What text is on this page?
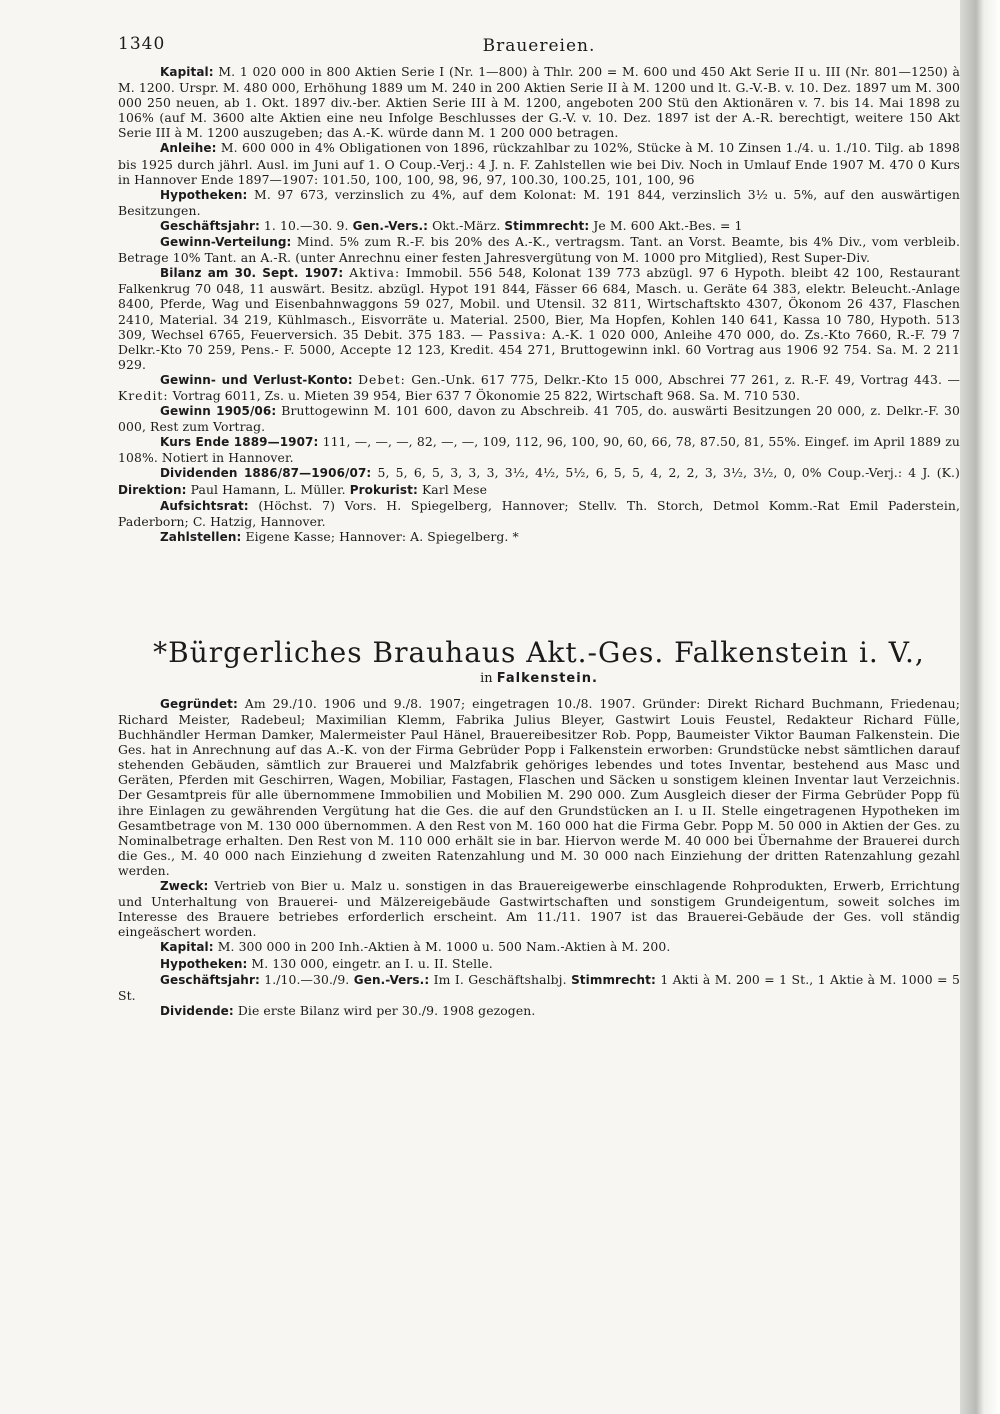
1340	Brauereien.

Kapital: M. 1 020 000 in 800 Aktien Serie I (Nr. 1—800) à Thlr. 200 = M. 600 und 450 Akt Serie II u. III (Nr. 801—1250) à M. 1200. Urspr. M. 480 000, Erhöhung 1889 um M. 240 in 200 Aktien Serie II à M. 1200 und lt. G.-V.-B. v. 10. Dez. 1897 um M. 300 000 250 neuen, ab 1. Okt. 1897 div.-ber. Aktien Serie III à M. 1200, angeboten 200 Stü den Aktionären v. 7. bis 14. Mai 1898 zu 106% (auf M. 3600 alte Aktien eine neu Infolge Beschlusses der G.-V. v. 10. Dez. 1897 ist der A.-R. berechtigt, weitere 150 Akt Serie III à M. 1200 auszugeben; das A.-K. würde dann M. 1 200 000 betragen.

Anleihe: M. 600 000 in 4% Obligationen von 1896, rückzahlbar zu 102%, Stücke à M. 10 Zinsen 1./4. u. 1./10. Tilg. ab 1898 bis 1925 durch jährl. Ausl. im Juni auf 1. O Coup.-Verj.: 4 J. n. F. Zahlstellen wie bei Div. Noch in Umlauf Ende 1907 M. 470 0 Kurs in Hannover Ende 1897—1907: 101.50, 100, 100, 98, 96, 97, 100.30, 100.25, 101, 100, 96

Hypotheken: M. 97 673, verzinslich zu 4%, auf dem Kolonat: M. 191 844, verzinslich 3½ u. 5%, auf den auswärtigen Besitzungen.

Geschäftsjahr: 1. 10.—30. 9. Gen.-Vers.: Okt.-März. Stimmrecht: Je M. 600 Akt.-Bes. = 1

Gewinn-Verteilung: Mind. 5% zum R.-F. bis 20% des A.-K., vertragsm. Tant. an Vorst. Beamte, bis 4% Div., vom verbleib. Betrage 10% Tant. an A.-R. (unter Anrechnu einer festen Jahresvergütung von M. 1000 pro Mitglied), Rest Super-Div.

Bilanz am 30. Sept. 1907: Aktiva: Immobil. 556 548, Kolonat 139 773 abzügl. 97 6 Hypoth. bleibt 42 100, Restaurant Falkenkrug 70 048, 11 auswärt. Besitz. abzügl. Hypot 191 844, Fässer 66 684, Masch. u. Geräte 64 383, elektr. Beleucht.-Anlage 8400, Pferde, Wag und Eisenbahnwaggons 59 027, Mobil. und Utensil. 32 811, Wirtschaftskto 4307, Ökonom 26 437, Flaschen 2410, Material. 34 219, Kühlmasch., Eisvorräte u. Material. 2500, Bier, Ma Hopfen, Kohlen 140 641, Kassa 10 780, Hypoth. 513 309, Wechsel 6765, Feuerversich. 35 Debit. 375 183. — Passiva: A.-K. 1 020 000, Anleihe 470 000, do. Zs.-Kto 7660, R.-F. 79 7 Delkr.-Kto 70 259, Pens.- F. 5000, Accepte 12 123, Kredit. 454 271, Bruttogewinn inkl. 60 Vortrag aus 1906 92 754. Sa. M. 2 211 929.

Gewinn- und Verlust-Konto: Debet: Gen.-Unk. 617 775, Delkr.-Kto 15 000, Abschrei 77 261, z. R.-F. 49, Vortrag 443. — Kredit: Vortrag 6011, Zs. u. Mieten 39 954, Bier 637 7 Ökonomie 25 822, Wirtschaft 968. Sa. M. 710 530.

Gewinn 1905/06: Bruttogewinn M. 101 600, davon zu Abschreib. 41 705, do. auswärti Besitzungen 20 000, z. Delkr.-F. 30 000, Rest zum Vortrag.

Kurs Ende 1889—1907: 111, —, —, —, 82, —, —, 109, 112, 96, 100, 90, 60, 66, 78, 87.50, 81, 55%. Eingef. im April 1889 zu 108%. Notiert in Hannover.

Dividenden 1886/87—1906/07: 5, 5, 6, 5, 3, 3, 3, 3½, 4½, 5½, 6, 5, 5, 4, 2, 2, 3, 3½, 3½, 0, 0% Coup.-Verj.: 4 J. (K.) Direktion: Paul Hamann, L. Müller. Prokurist: Karl Mese

Aufsichtsrat: (Höchst. 7) Vors. H. Spiegelberg, Hannover; Stellv. Th. Storch, Detmol Komm.-Rat Emil Paderstein, Paderborn; C. Hatzig, Hannover.

Zahlstellen: Eigene Kasse; Hannover: A. Spiegelberg. *

*Bürgerliches Brauhaus Akt.-Ges. Falkenstein i. V.,
in Falkenstein.

Gegründet: Am 29./10. 1906 und 9./8. 1907; eingetragen 10./8. 1907. Gründer: Direkt Richard Buchmann, Friedenau; Richard Meister, Radebeul; Maximilian Klemm, Fabrika Julius Bleyer, Gastwirt Louis Feustel, Redakteur Richard Fülle, Buchhändler Herman Damker, Malermeister Paul Hänel, Brauereibesitzer Rob. Popp, Baumeister Viktor Bauman Falkenstein. Die Ges. hat in Anrechnung auf das A.-K. von der Firma Gebrüder Popp i Falkenstein erworben: Grundstücke nebst sämtlichen darauf stehenden Gebäuden, sämtlich zur Brauerei und Malzfabrik gehöriges lebendes und totes Inventar, bestehend aus Masc und Geräten, Pferden mit Geschirren, Wagen, Mobiliar, Fastagen, Flaschen und Säcken u sonstigem kleinen Inventar laut Verzeichnis. Der Gesamtpreis für alle übernommene Immobilien und Mobilien M. 290 000. Zum Ausgleich dieser der Firma Gebrüder Popp fü ihre Einlagen zu gewährenden Vergütung hat die Ges. die auf den Grundstücken an I. u II. Stelle eingetragenen Hypotheken im Gesamtbetrage von M. 130 000 übernommen. A den Rest von M. 160 000 hat die Firma Gebr. Popp M. 50 000 in Aktien der Ges. zu Nominalbetrage erhalten. Den Rest von M. 110 000 erhält sie in bar. Hiervon werde M. 40 000 bei Übernahme der Brauerei durch die Ges., M. 40 000 nach Einziehung d zweiten Ratenzahlung und M. 30 000 nach Einziehung der dritten Ratenzahlung gezahl werden.

Zweck: Vertrieb von Bier u. Malz u. sonstigen in das Brauereigewerbe einschlagende Rohprodukten, Erwerb, Errichtung und Unterhaltung von Brauerei- und Mälzereigebäude Gastwirtschaften und sonstigem Grundeigentum, soweit solches im Interesse des Brauere betriebes erforderlich erscheint. Am 11./11. 1907 ist das Brauerei-Gebäude der Ges. voll ständig eingeäschert worden.

Kapital: M. 300 000 in 200 Inh.-Aktien à M. 1000 u. 500 Nam.-Aktien à M. 200.

Hypotheken: M. 130 000, eingetr. an I. u. II. Stelle.

Geschäftsjahr: 1./10.—30./9. Gen.-Vers.: Im I. Geschäftshalbj. Stimmrecht: 1 Akti à M. 200 = 1 St., 1 Aktie à M. 1000 = 5 St.

Dividende: Die erste Bilanz wird per 30./9. 1908 gezogen.
